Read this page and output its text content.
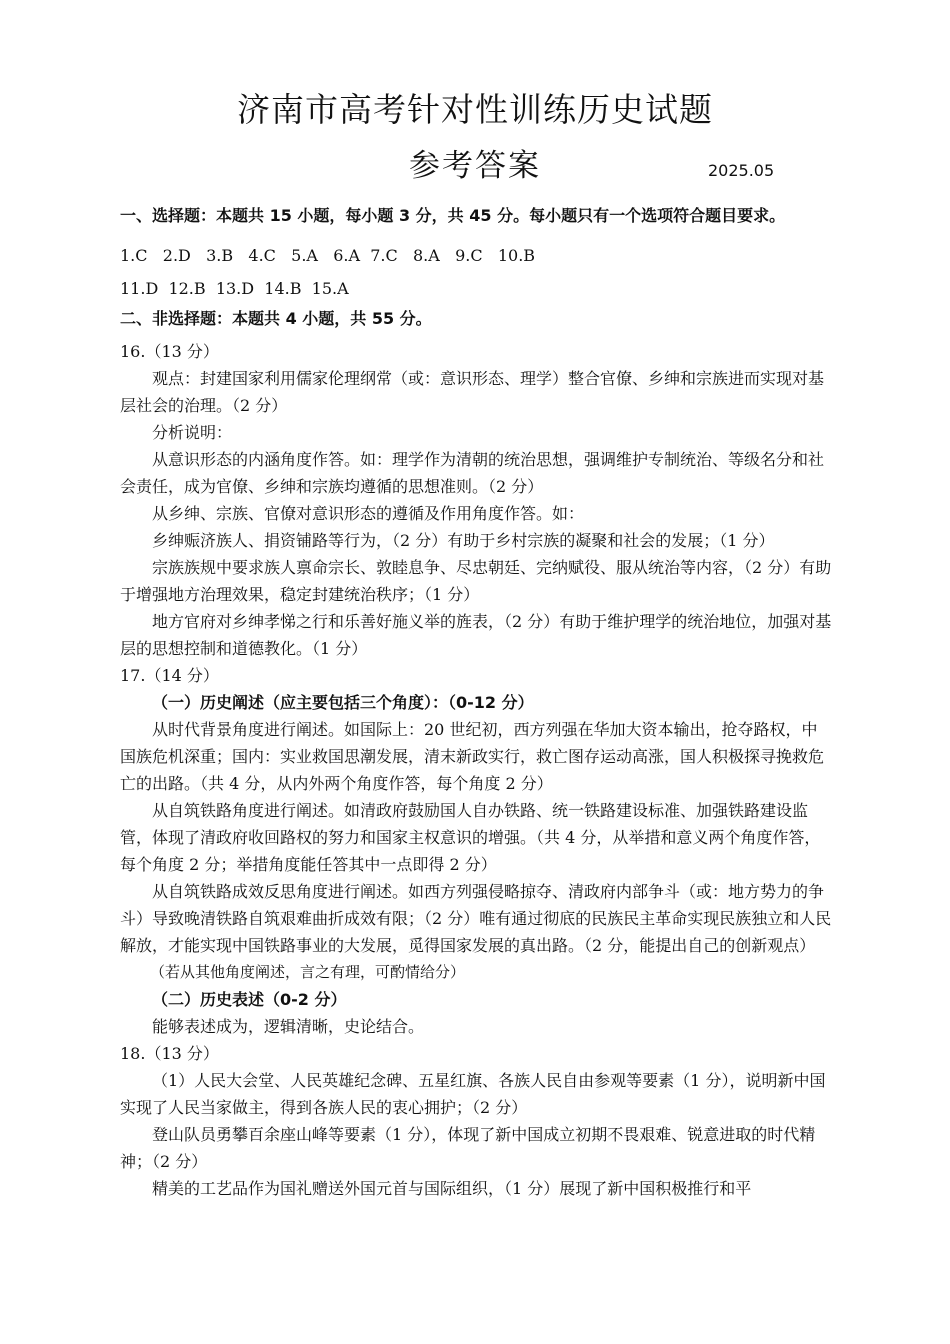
济南市高考针对性训练历史试题
参考答案	2025.05

一、选择题：本题共 15 小题，每小题 3 分，共 45 分。每小题只有一个选项符合题目要求。

1.C   2.D   3.B   4.C   5.A   6.A  7.C   8.A   9.C   10.B

11.D  12.B  13.D  14.B  15.A

二、非选择题：本题共 4 小题，共 55 分。

16.（13 分）

观点：封建国家利用儒家伦理纲常（或：意识形态、理学）整合官僚、乡绅和宗族进而实现对基层社会的治理。（2 分）

分析说明：

从意识形态的内涵角度作答。如：理学作为清朝的统治思想，强调维护专制统治、等级名分和社会责任，成为官僚、乡绅和宗族均遵循的思想准则。（2 分）

从乡绅、宗族、官僚对意识形态的遵循及作用角度作答。如：

乡绅赈济族人、捐资铺路等行为，（2 分）有助于乡村宗族的凝聚和社会的发展；（1 分）

宗族族规中要求族人禀命宗长、敦睦息争、尽忠朝廷、完纳赋役、服从统治等内容，（2 分）有助于增强地方治理效果，稳定封建统治秩序；（1 分）

地方官府对乡绅孝悌之行和乐善好施义举的旌表，（2 分）有助于维护理学的统治地位，加强对基层的思想控制和道德教化。（1 分）

17.（14 分）

（一）历史阐述（应主要包括三个角度）：（0-12 分）

从时代背景角度进行阐述。如国际上：20 世纪初，西方列强在华加大资本输出，抢夺路权，中国族危机深重；国内：实业救国思潮发展，清末新政实行，救亡图存运动高涨，国人积极探寻挽救危亡的出路。（共 4 分，从内外两个角度作答，每个角度 2 分）

从自筑铁路角度进行阐述。如清政府鼓励国人自办铁路、统一铁路建设标准、加强铁路建设监管，体现了清政府收回路权的努力和国家主权意识的增强。（共 4 分，从举措和意义两个角度作答，每个角度 2 分；举措角度能任答其中一点即得 2 分）

从自筑铁路成效反思角度进行阐述。如西方列强侵略掠夺、清政府内部争斗（或：地方势力的争斗）导致晚清铁路自筑艰难曲折成效有限；（2 分）唯有通过彻底的民族民主革命实现民族独立和人民解放，才能实现中国铁路事业的大发展，觅得国家发展的真出路。（2 分，能提出自己的创新观点）

（若从其他角度阐述，言之有理，可酌情给分）

（二）历史表述（0-2 分）

能够表述成为，逻辑清晰，史论结合。

18.（13 分）

（1）人民大会堂、人民英雄纪念碑、五星红旗、各族人民自由参观等要素（1 分），说明新中国实现了人民当家做主，得到各族人民的衷心拥护；（2 分）

登山队员勇攀百余座山峰等要素（1 分），体现了新中国成立初期不畏艰难、锐意进取的时代精神；（2 分）

精美的工艺品作为国礼赠送外国元首与国际组织，（1 分）展现了新中国积极推行和平
